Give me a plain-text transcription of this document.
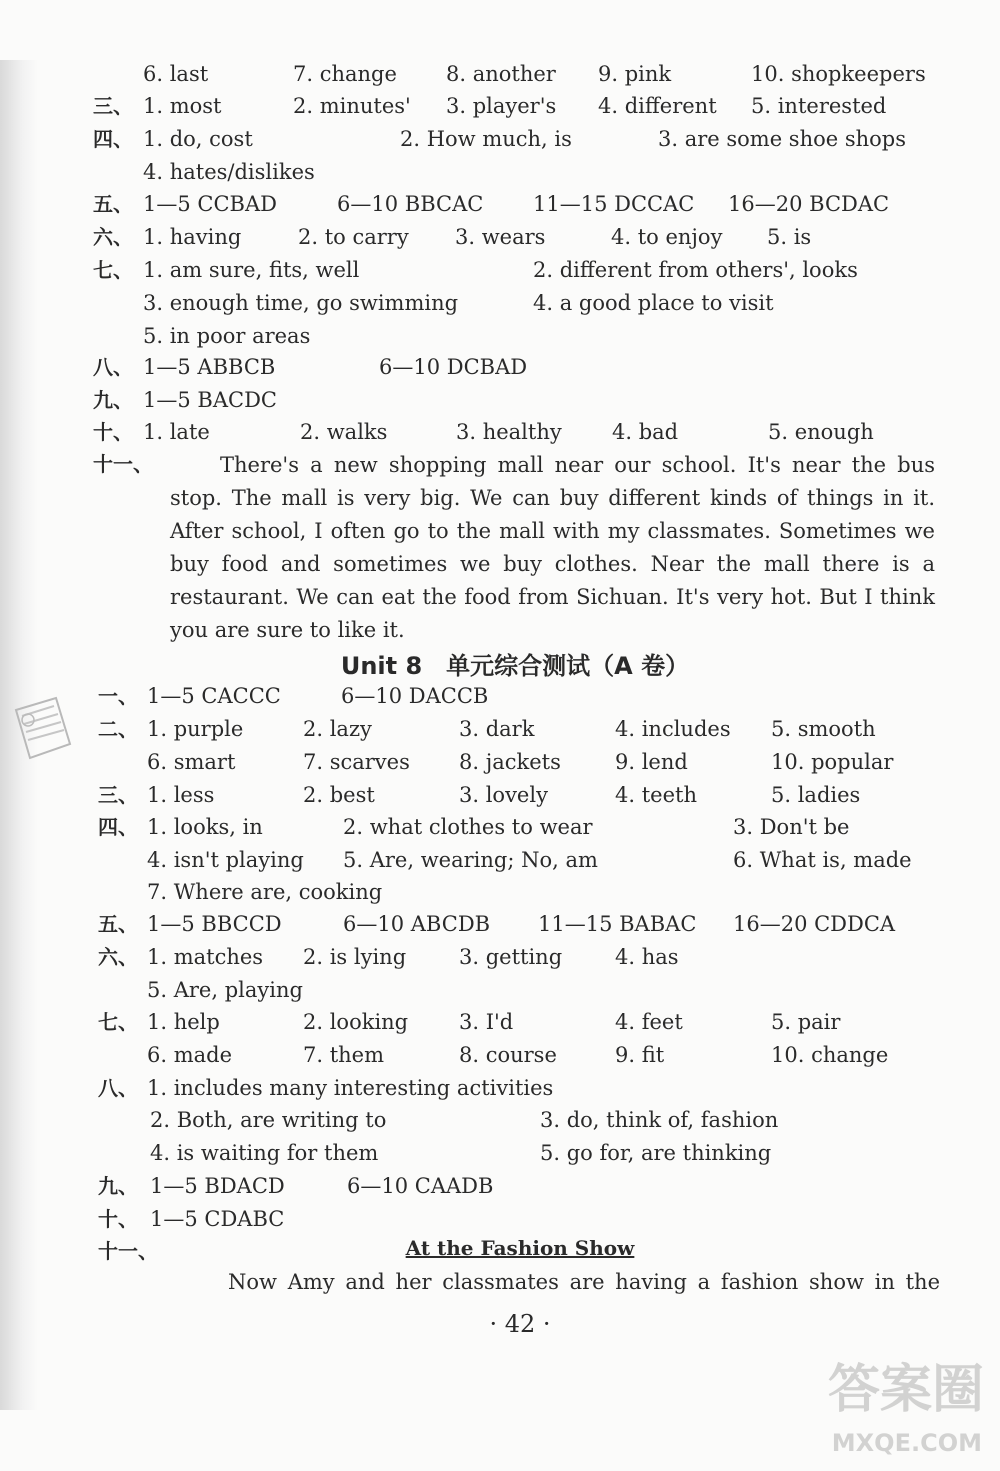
6. last	7. change 8. another 9. pink	10. shopkeepers
三、 1. most	2. minutes' 3. player's 4. different 5. interested
四、 1. do, cost	2. How much, is	3. are some shoe shops
4. hates/dislikes
五、 1—5 CCBAD	6—10 BBCAC 11—15 DCCAC 16—20 BCDAC
六、 1. having	2. to carry 3. wears	4. to enjoy 5. is
七、 1. am sure, fits, well	2. different from others', looks
3. enough time, go swimming	4. a good place to visit
5. in poor areas
八、 1—5 ABBCB	6—10 DCBAD
九、 1—5 BACDC
十、 1. late	2. walks	3. healthy 4. bad	5. enough
十一、
一、 1—5 CACCC	6—10 DACCB
二、 1. purple	2. lazy	3. dark	4. includes 5. smooth
6. smart	7. scarves 8. jackets	9. lend	10. popular
三、 1. less	2. best	3. lovely	4. teeth	5. ladies
四、 1. looks, in	2. what clothes to wear	3. Don't be
4. isn't playing 5. Are, wearing; No, am	6. What is, made
7. Where are, cooking
五、 1—5 BBCCD	6—10 ABCDB 11—15 BABAC 16—20 CDDCA
六、 1. matches 2. is lying	3. getting	4. has
5. Are, playing
七、 1. help	2. looking 3. I'd	4. feet	5. pair
6. made	7. them	8. course	9. fit	10. change
八、 1. includes many interesting activities
2. Both, are writing to	3. do, think of, fashion
4. is waiting for them	5. go for, are thinking
九、 1—5 BDACD	6—10 CAADB
十、 1—5 CDABC
十一、
There's a new shopping mall near our school. It's near the bus stop. The mall is very big. We can buy different kinds of things in it. After school, I often go to the mall with my classmates. Sometimes we buy food and sometimes we buy clothes. Near the mall there is a restaurant. We can eat the food from Sichuan. It's very hot. But I think you are sure to like it.
Unit 8　单元综合测试（A 卷）
At the Fashion Show
Now Amy and her classmates are having a fashion show in the
· 42 ·
答案圈
MXQE.COM
